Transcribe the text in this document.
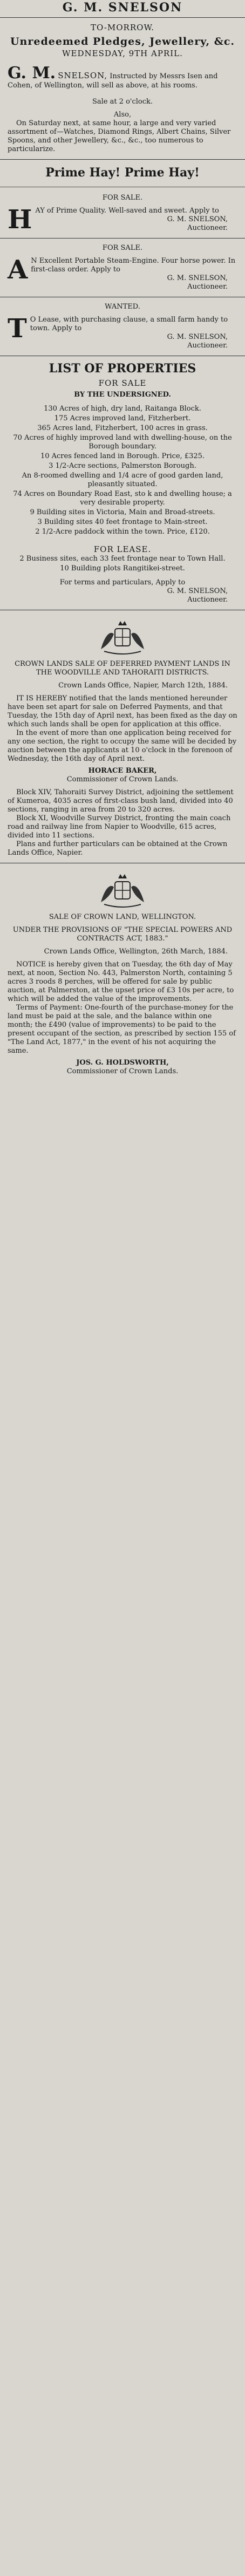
G. M. SNELSON
TO-MORROW.
Unredeemed Pledges, Jewellery, &c.
WEDNESDAY, 9TH APRIL.
G. M. SNELSON, Instructed by Messrs Isen and Cohen, of Wellington, will sell as above, at his rooms.
Sale at 2 o'clock.
Also,
On Saturday next, at same hour, a large and very varied assortment of—Watches, Diamond Rings, Albert Chains, Silver Spoons, and other Jewellery, &c., &c., too numerous to particularize.
Prime Hay! Prime Hay!
FOR SALE.
H AY of Prime Quality. Well-saved and sweet. Apply to
G. M. SNELSON,
Auctioneer.
FOR SALE.
A N Excellent Portable Steam-Engine. Four horse power. In first-class order. Apply to
G. M. SNELSON,
Auctioneer.
WANTED.
T O Lease, with purchasing clause, a small farm handy to town. Apply to
G. M. SNELSON,
Auctioneer.
LIST OF PROPERTIES
FOR SALE
BY THE UNDERSIGNED.
130 Acres of high, dry land, Raitanga Block.
175 Acres improved land, Fitzherbert.
365 Acres land, Fitzherbert, 100 acres in grass.
70 Acres of highly improved land with dwelling-house, on the Borough boundary.
10 Acres fenced land in Borough. Price, £325.
3 1/2-Acre sections, Palmerston Borough.
An 8-roomed dwelling and 1/4 acre of good garden land, pleasantly situated.
74 Acres on Boundary Road East, sto k and dwelling house; a very desirable property.
9 Building sites in Victoria, Main and Broad-streets.
3 Building sites 40 feet frontage to Main-street.
2 1/2-Acre paddock within the town. Price, £120.
FOR LEASE.
2 Business sites, each 33 feet frontage near to Town Hall.
10 Building plots Rangitikei-street.
For terms and particulars, Apply to
G. M. SNELSON,
Auctioneer.
CROWN LANDS SALE OF DEFERRED PAYMENT LANDS IN THE WOODVILLE AND TAHORAITI DISTRICTS.
Crown Lands Office, Napier, March 12th, 1884.
IT IS HEREBY notified that the lands mentioned hereunder have been set apart for sale on Deferred Payments, and that Tuesday, the 15th day of April next, has been fixed as the day on which such lands shall be open for application at this office.
In the event of more than one application being received for any one section, the right to occupy the same will be decided by auction between the applicants at 10 o'clock in the forenoon of Wednesday, the 16th day of April next.
HORACE BAKER,
Commissioner of Crown Lands.
Block XIV, Tahoraiti Survey District, adjoining the settlement of Kumeroa, 4035 acres of first-class bush land, divided into 40 sections, ranging in area from 20 to 320 acres.
Block XI, Woodville Survey District, fronting the main coach road and railway line from Napier to Woodville, 615 acres, divided into 11 sections.
Plans and further particulars can be obtained at the Crown Lands Office, Napier.
SALE OF CROWN LAND, WELLINGTON.
UNDER THE PROVISIONS OF "THE SPECIAL POWERS AND CONTRACTS ACT, 1883."
Crown Lands Office, Wellington, 26th March, 1884.
NOTICE is hereby given that on Tuesday, the 6th day of May next, at noon, Section No. 443, Palmerston North, containing 5 acres 3 roods 8 perches, will be offered for sale by public auction, at Palmerston, at the upset price of £3 10s per acre, to which will be added the value of the improvements.
Terms of Payment: One-fourth of the purchase-money for the land must be paid at the sale, and the balance within one month; the £490 (value of improvements) to be paid to the present occupant of the section, as prescribed by section 155 of "The Land Act, 1877," in the event of his not acquiring the same.
JOS. G. HOLDSWORTH,
Commissioner of Crown Lands.
